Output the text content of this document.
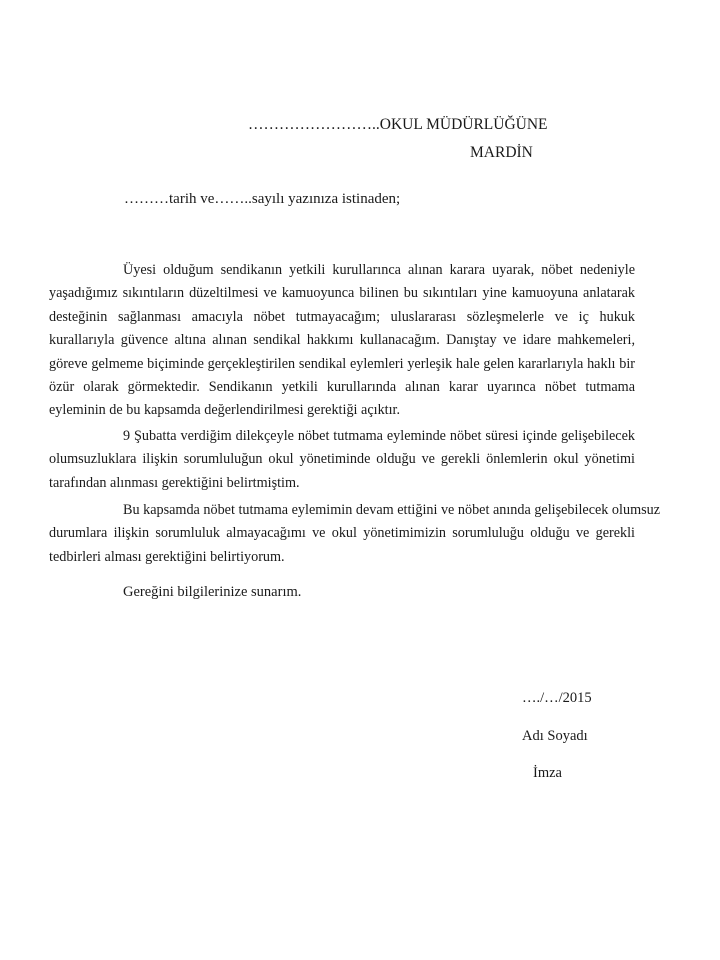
……………………..OKUL MÜDÜRLÜĞÜNE
MARDİN
………tarih ve……..sayılı yazınıza istinaden;
Üyesi olduğum sendikanın yetkili kurullarınca alınan karara uyarak, nöbet nedeniyle
yaşadığımız sıkıntıların düzeltilmesi ve kamuoyunca bilinen bu sıkıntıları yine kamuoyuna anlatarak
desteğinin sağlanması amacıyla nöbet tutmayacağım; uluslararası sözleşmelerle ve iç hukuk
kurallarıyla güvence altına alınan sendikal hakkımı kullanacağım. Danıştay ve idare mahkemeleri,
göreve gelmeme biçiminde gerçekleştirilen sendikal eylemleri yerleşik hale gelen kararlarıyla haklı bir
özür olarak görmektedir. Sendikanın yetkili kurullarında alınan karar uyarınca nöbet tutmama
eyleminin de bu kapsamda değerlendirilmesi gerektiği açıktır.
9 Şubatta verdiğim dilekçeyle nöbet tutmama eyleminde nöbet süresi içinde gelişebilecek
olumsuzluklara ilişkin sorumluluğun okul yönetiminde olduğu ve gerekli önlemlerin okul yönetimi
tarafından alınması gerektiğini belirtmiştim.
Bu kapsamda nöbet tutmama eylemimin devam ettiğini ve nöbet anında gelişebilecek olumsuz
durumlara ilişkin sorumluluk almayacağımı ve okul yönetimimizin sorumluluğu olduğu ve gerekli
tedbirleri alması gerektiğini belirtiyorum.
Gereğini bilgilerinize sunarım.
…./…/2015
Adı Soyadı
İmza
